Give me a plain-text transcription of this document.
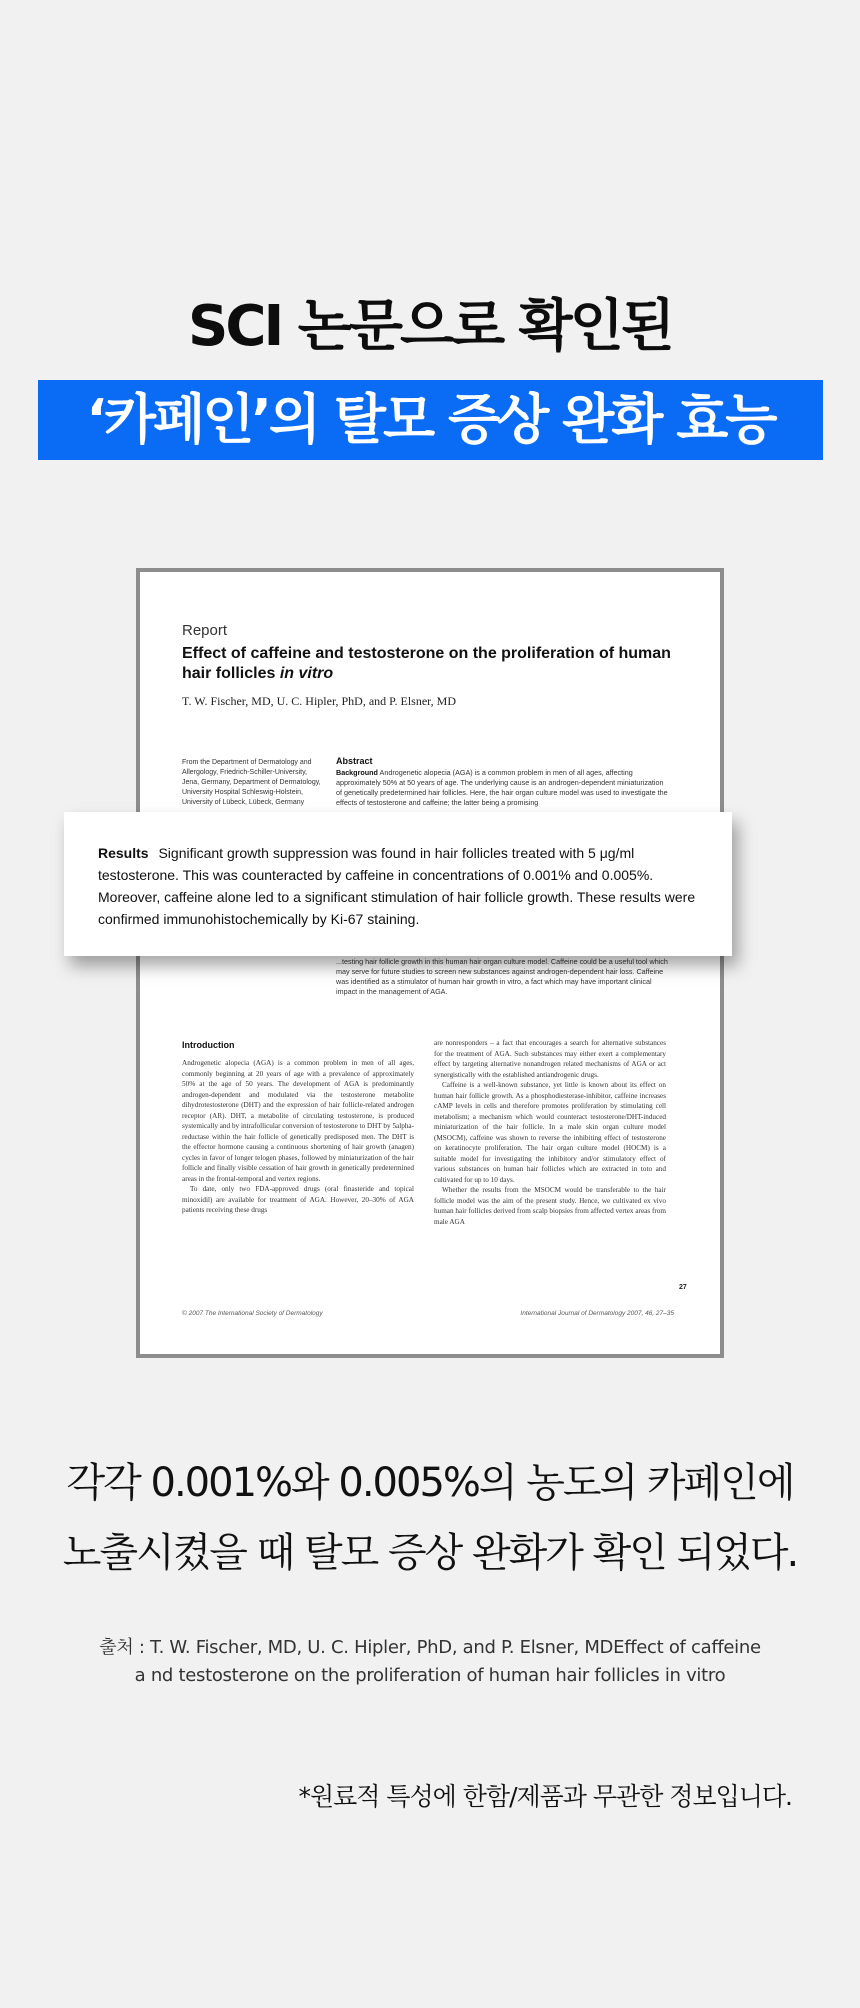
SCI 논문으로 확인된
‘카페인’의 탈모 증상 완화 효능
Report
Effect of caffeine and testosterone on the proliferation of human hair follicles in vitro
T. W. Fischer, MD, U. C. Hipler, PhD, and P. Elsner, MD
From the Department of Dermatology and Allergology, Friedrich-Schiller-University, Jena, Germany, Department of Dermatology, University Hospital Schleswig-Holstein, University of Lübeck, Lübeck, Germany
Abstract
Background Androgenetic alopecia (AGA) is a common problem in men of all ages, affecting approximately 50% at 50 years of age. The underlying cause is an androgen-dependent miniaturization of genetically predetermined hair follicles. Here, the hair organ culture model was used to investigate the effects of testosterone and caffeine; the latter being a promising
...testing hair follicle growth in this human hair organ culture model. Caffeine could be a useful tool which may serve for future studies to screen new substances against androgen-dependent hair loss. Caffeine was identified as a stimulator of human hair growth in vitro, a fact which may have important clinical impact in the management of AGA.
Introduction

Androgenetic alopecia (AGA) is a common problem in men of all ages, commonly beginning at 20 years of age with a prevalence of approximately 50% at the age of 50 years. The development of AGA is predominantly androgen-dependent and modulated via the testosterone metabolite dihydrotestosterone (DHT) and the expression of hair follicle-related androgen receptor (AR). DHT, a metabolite of circulating testosterone, is produced systemically and by intrafollicular conversion of testosterone to DHT by 5alpha-reductase within the hair follicle of genetically predisposed men. The DHT is the effector hormone causing a continuous shortening of hair growth (anagen) cycles in favor of longer telogen phases, followed by miniaturization of the hair follicle and finally visible cessation of hair growth in genetically predetermined areas in the frontal-temporal and vertex regions.

To date, only two FDA-approved drugs (oral finasteride and topical minoxidil) are available for treatment of AGA. However, 20–30% of AGA patients receiving these drugs

are nonresponders – a fact that encourages a search for alternative substances for the treatment of AGA. Such substances may either exert a complementary effect by targeting alternative nonandrogen related mechanisms of AGA or act synergistically with the established antiandrogenic drugs.

Caffeine is a well-known substance, yet little is known about its effect on human hair follicle growth. As a phosphodiesterase-inhibitor, caffeine increases cAMP levels in cells and therefore promotes proliferation by stimulating cell metabolism; a mechanism which would counteract testosterone/DHT-induced miniaturization of the hair follicle. In a male skin organ culture model (MSOCM), caffeine was shown to reverse the inhibiting effect of testosterone on keratinocyte proliferation. The hair organ culture model (HOCM) is a suitable model for investigating the inhibitory and/or stimulatory effect of various substances on human hair follicles which are extracted in toto and cultivated for up to 10 days.

Whether the results from the MSOCM would be transferable to the hair follicle model was the aim of the present study. Hence, we cultivated ex vivo human hair follicles derived from scalp biopsies from affected vertex areas from male AGA

27
© 2007 The International Society of Dermatology	International Journal of Dermatology 2007, 46, 27–35
Results Significant growth suppression was found in hair follicles treated with 5 μg/ml testosterone. This was counteracted by caffeine in concentrations of 0.001% and 0.005%. Moreover, caffeine alone led to a significant stimulation of hair follicle growth. These results were confirmed immunohistochemically by Ki-67 staining.
각각 0.001%와 0.005%의 농도의 카페인에
노출시켰을 때 탈모 증상 완화가 확인 되었다.
출처 : T. W. Fischer, MD, U. C. Hipler, PhD, and P. Elsner, MDEffect of caffeine
a nd testosterone on the proliferation of human hair follicles in vitro
*원료적 특성에 한함/제품과 무관한 정보입니다.
